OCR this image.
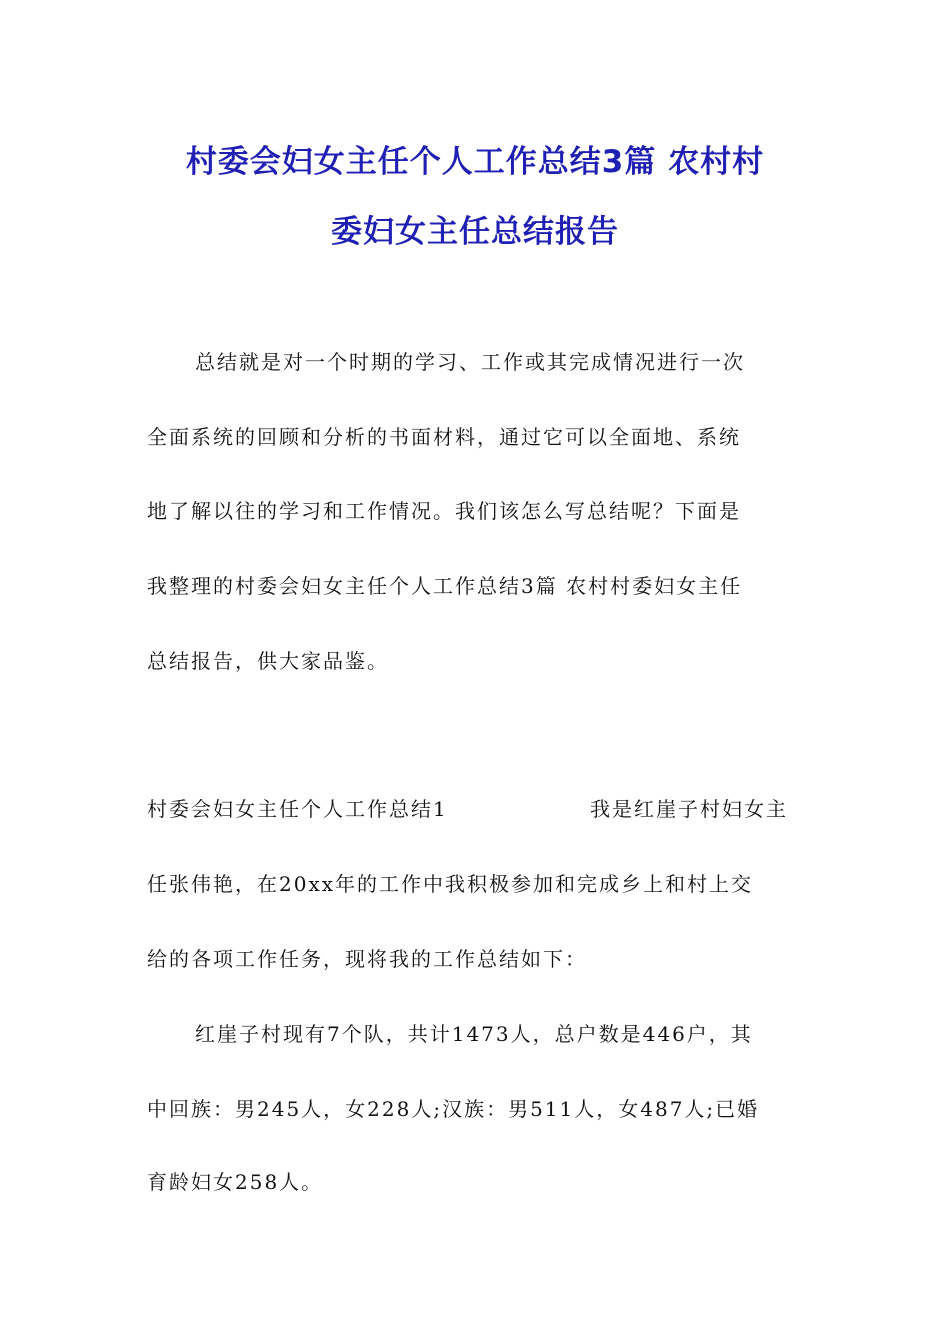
村委会妇女主任个人工作总结3篇 农村村
委妇女主任总结报告
总结就是对一个时期的学习、工作或其完成情况进行一次
全面系统的回顾和分析的书面材料，通过它可以全面地、系统
地了解以往的学习和工作情况。我们该怎么写总结呢？下面是
我整理的村委会妇女主任个人工作总结3篇 农村村委妇女主任
总结报告，供大家品鉴。
村委会妇女主任个人工作总结1	我是红崖子村妇女主
任张伟艳，在20xx年的工作中我积极参加和完成乡上和村上交
给的各项工作任务，现将我的工作总结如下：
红崖子村现有7个队，共计1473人，总户数是446户，其
中回族：男245人，女228人;汉族：男511人，女487人;已婚
育龄妇女258人。
